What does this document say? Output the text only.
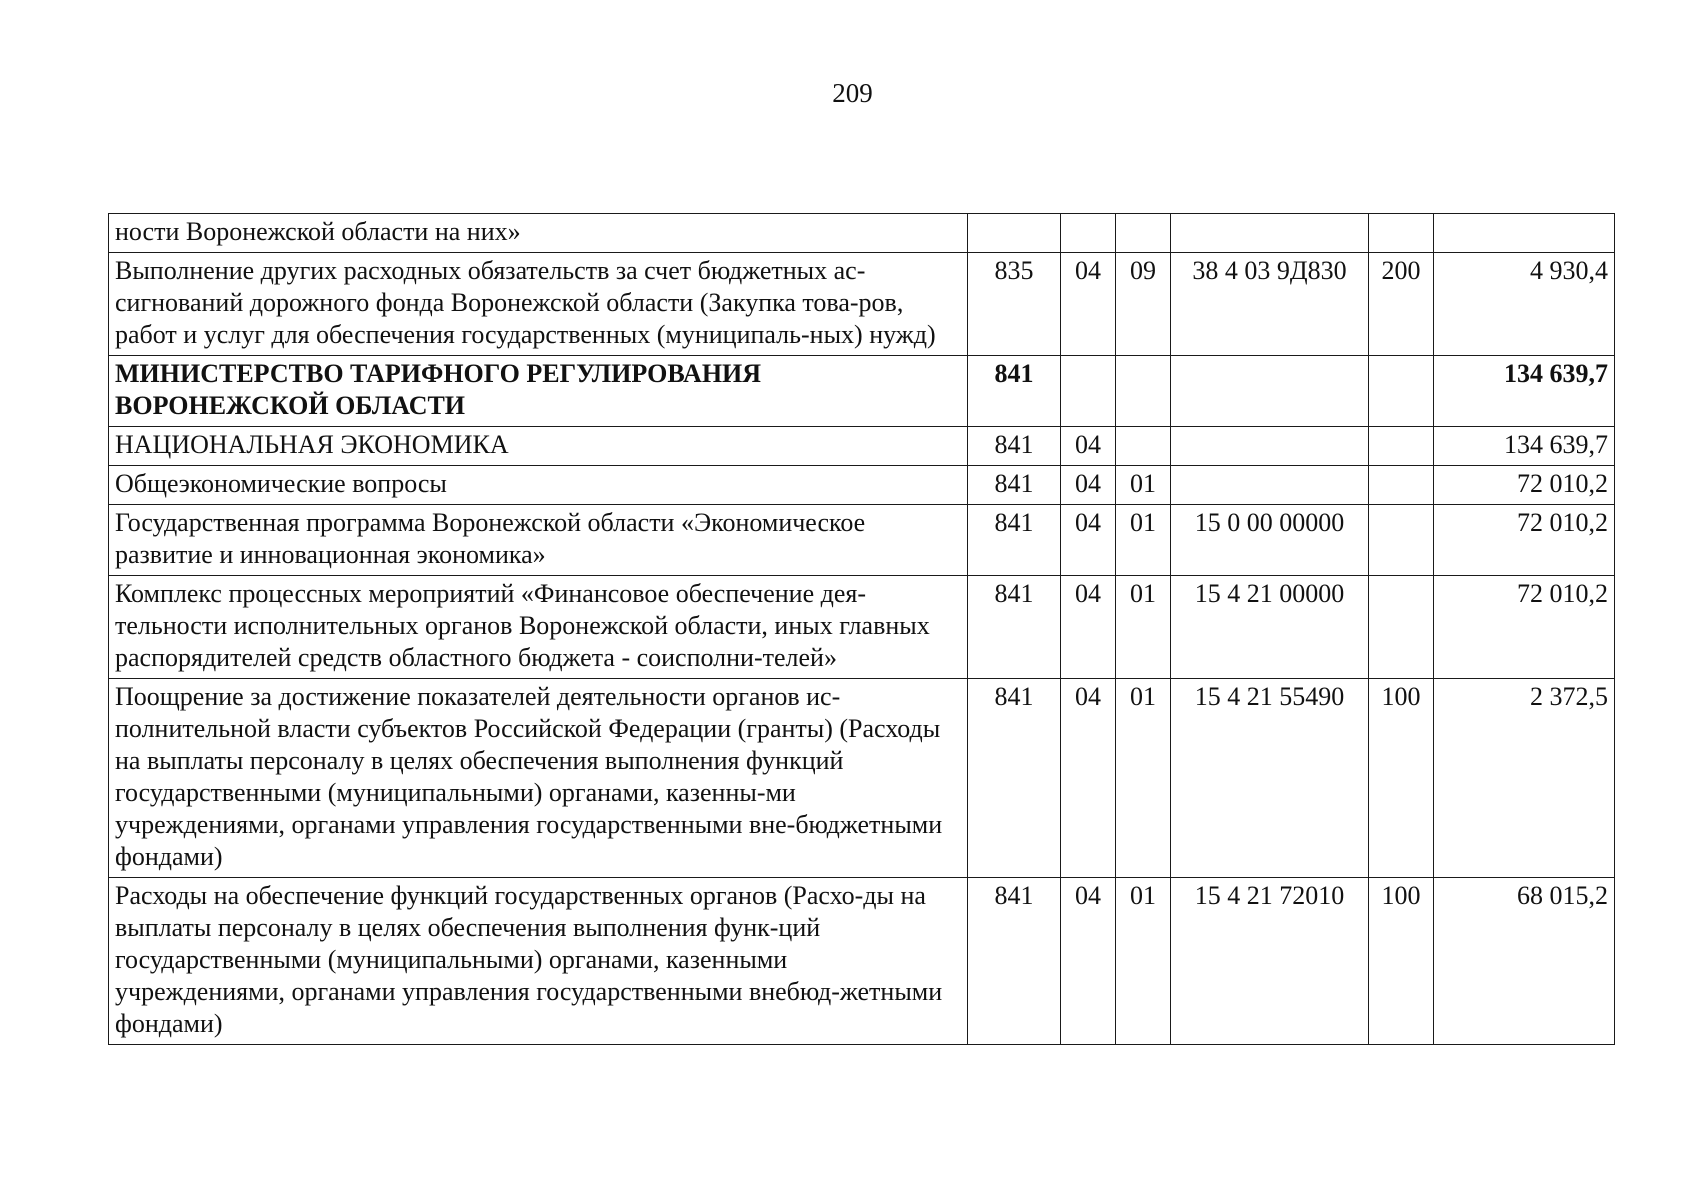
209
ности Воронежской области на них»						
Выполнение других расходных обязательств за счет бюджетных ас-сигнований дорожного фонда Воронежской области (Закупка това-ров, работ и услуг для обеспечения государственных (муниципаль-ных) нужд)	835	04	09	38 4 03 9Д830	200	4 930,4
МИНИСТЕРСТВО ТАРИФНОГО РЕГУЛИРОВАНИЯ ВОРОНЕЖСКОЙ ОБЛАСТИ	841					134 639,7
НАЦИОНАЛЬНАЯ ЭКОНОМИКА	841	04				134 639,7
Общеэкономические вопросы	841	04	01			72 010,2
Государственная программа Воронежской области «Экономическое развитие и инновационная экономика»	841	04	01	15 0 00 00000		72 010,2
Комплекс процессных мероприятий «Финансовое обеспечение дея-тельности исполнительных органов Воронежской области, иных главных распорядителей средств областного бюджета - соисполни-телей»	841	04	01	15 4 21 00000		72 010,2
Поощрение за достижение показателей деятельности органов ис-полнительной власти субъектов Российской Федерации (гранты) (Расходы на выплаты персоналу в целях обеспечения выполнения функций государственными (муниципальными) органами, казенны-ми учреждениями, органами управления государственными вне-бюджетными фондами)	841	04	01	15 4 21 55490	100	2 372,5
Расходы на обеспечение функций государственных органов (Расхо-ды на выплаты персоналу в целях обеспечения выполнения функ-ций государственными (муниципальными) органами, казенными учреждениями, органами управления государственными внебюд-жетными фондами)	841	04	01	15 4 21 72010	100	68 015,2
